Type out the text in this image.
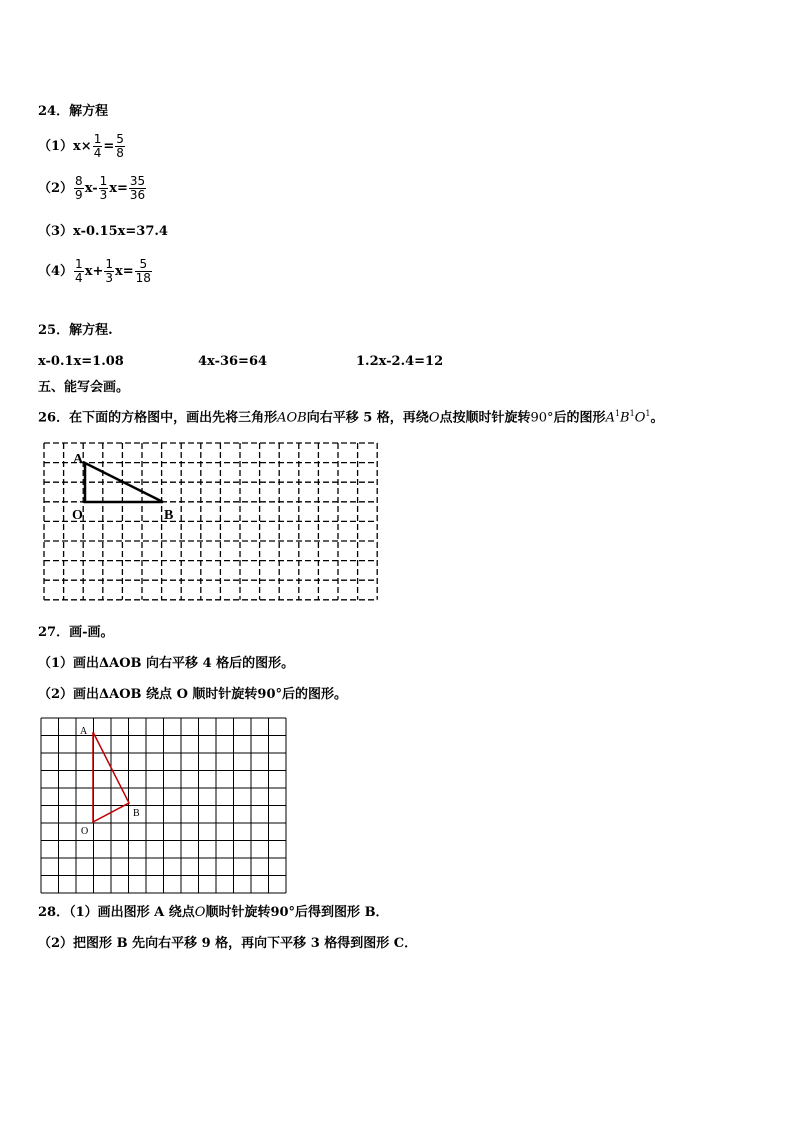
24．解方程
$(1)x\times \frac{1}{4} = \frac{5}{8}$
$(2) \frac{8}{9} x- \frac{1}{3} x= \frac{35}{36}$
（3）x-0.15x=37.4
$(4) \frac{1}{4} x+ \frac{1}{3} x= \frac{5}{18}$
25．解方程.
x-0.1x=1.08	4x-36=64	1.2x-2.4=12
五、能写会画。
26．在下面的方格图中，画出先将三角形AOB向右平移 5 格，再绕O点按顺时针旋转90°后的图形$A^1B^1O^1$。
A
O	B
27．画-画。
（1）画出ΔAOB 向右平移 4 格后的图形。
（2）画出ΔAOB 绕点 O 顺时针旋转90°后的图形。
A
B
O
28．（1）画出图形 A 绕点O顺时针旋转90°后得到图形 B．
（2）把图形 B 先向右平移 9 格，再向下平移 3 格得到图形 C．
